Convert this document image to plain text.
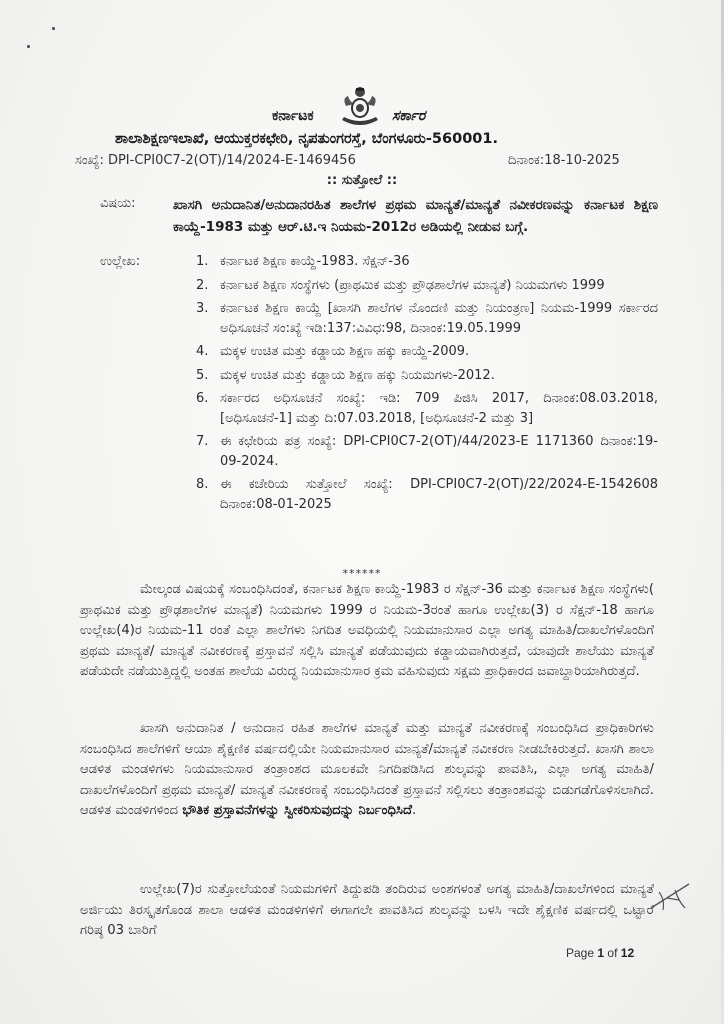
ಕರ್ನಾಟಕ	ಸರ್ಕಾರ
ಶಾಲಾಶಿಕ್ಷಣಇಲಾಖೆ, ಆಯುಕ್ತರಕಛೇರಿ, ನೃಪತುಂಗರಸ್ತೆ, ಬೆಂಗಳೂರು-560001.
ಸಂಖ್ಯೆ: DPI-CPI0C7-2(OT)/14/2024-E-1469456	ದಿನಾಂಕ:18-10-2025
:: ಸುತ್ತೋಲೆ ::
ವಿಷಯ:	ಖಾಸಗಿ ಅನುದಾನಿತ/ಅನುದಾನರಹಿತ ಶಾಲೆಗಳ ಪ್ರಥಮ ಮಾನ್ಯತೆ/ಮಾನ್ಯತೆ ನವೀಕರಣವನ್ನು ಕರ್ನಾಟಕ ಶಿಕ್ಷಣ ಕಾಯ್ದೆ-1983 ಮತ್ತು ಆರ್.ಟಿ.ಇ ನಿಯಮ-2012ರ ಅಡಿಯಲ್ಲಿ ನೀಡುವ ಬಗ್ಗೆ.
ಉಲ್ಲೇಖ:	1. ಕರ್ನಾಟಕ ಶಿಕ್ಷಣ ಕಾಯ್ದೆ-1983. ಸೆಕ್ಷನ್-36
2. ಕರ್ನಾಟಕ ಶಿಕ್ಷಣ ಸಂಸ್ಥೆಗಳು (ಪ್ರಾಥಮಿಕ ಮತ್ತು ಪ್ರೌಢಶಾಲೆಗಳ ಮಾನ್ಯತೆ) ನಿಯಮಗಳು 1999
3. ಕರ್ನಾಟಕ ಶಿಕ್ಷಣ ಕಾಯ್ದೆ [ಖಾಸಗಿ ಶಾಲೆಗಳ ನೊಂದಣಿ ಮತ್ತು ನಿಯಂತ್ರಣ] ನಿಯಮ-1999 ಸರ್ಕಾರದ ಅಧಿಸೂಚನೆ ಸಂ:ಖ್ಯೆ ಇಡಿ:137:ವಿವಿಧ:98, ದಿನಾಂಕ:19.05.1999
4. ಮಕ್ಕಳ ಉಚಿತ ಮತ್ತು ಕಡ್ಡಾಯ ಶಿಕ್ಷಣ ಹಕ್ಕು ಕಾಯ್ದೆ-2009.
5. ಮಕ್ಕಳ ಉಚಿತ ಮತ್ತು ಕಡ್ಡಾಯ ಶಿಕ್ಷಣ ಹಕ್ಕು ನಿಯಮಗಳು-2012.
6. ಸರ್ಕಾರದ ಅಧಿಸೂಚನೆ ಸಂಖ್ಯೆ: ಇಡಿ: 709 ಪಿಜಿಸಿ 2017, ದಿನಾಂಕ:08.03.2018, [ಅಧಿಸೂಚನೆ-1] ಮತ್ತು ದಿ:07.03.2018, [ಅಧಿಸೂಚನೆ-2 ಮತ್ತು 3]
7. ಈ ಕಛೇರಿಯ ಪತ್ರ ಸಂಖ್ಯೆ: DPI-CPI0C7-2(OT)/44/2023-E 1171360 ದಿನಾಂಕ:19-09-2024.
8. ಈ ಕಚೇರಿಯ ಸುತ್ತೋಲೆ ಸಂಖ್ಯೆ: DPI-CPI0C7-2(OT)/22/2024-E-1542608 ದಿನಾಂಕ:08-01-2025
******

ಮೇಲ್ಕಂಡ ವಿಷಯಕ್ಕೆ ಸಂಬಂಧಿಸಿದಂತೆ, ಕರ್ನಾಟಕ ಶಿಕ್ಷಣ ಕಾಯ್ದೆ-1983 ರ ಸೆಕ್ಷನ್-36 ಮತ್ತು ಕರ್ನಾಟಕ ಶಿಕ್ಷಣ ಸಂಸ್ಥೆಗಳು( ಪ್ರಾಥಮಿಕ ಮತ್ತು ಪ್ರೌಢಶಾಲೆಗಳ ಮಾನ್ಯತೆ) ನಿಯಮಗಳು 1999 ರ ನಿಯಮ-3ರಂತೆ ಹಾಗೂ ಉಲ್ಲೇಖ(3) ರ ಸೆಕ್ಷನ್-18 ಹಾಗೂ ಉಲ್ಲೇಖ(4)ರ ನಿಯಮ-11 ರಂತೆ ಎಲ್ಲಾ ಶಾಲೆಗಳು ನಿಗದಿತ ಅವಧಿಯಲ್ಲಿ ನಿಯಮಾನುಸಾರ ಎಲ್ಲಾ ಅಗತ್ಯ ಮಾಹಿತಿ/ದಾಖಲೆಗಳೊಂದಿಗೆ ಪ್ರಥಮ ಮಾನ್ಯತೆ/ ಮಾನ್ಯತೆ ನವೀಕರಣಕ್ಕೆ ಪ್ರಸ್ತಾವನೆ ಸಲ್ಲಿಸಿ ಮಾನ್ಯತೆ ಪಡೆಯುವುದು ಕಡ್ಡಾಯವಾಗಿರುತ್ತದೆ, ಯಾವುದೇ ಶಾಲೆಯು ಮಾನ್ಯತೆ ಪಡೆಯದೇ ನಡೆಯುತ್ತಿದ್ದಲ್ಲಿ ಅಂತಹ ಶಾಲೆಯ ವಿರುದ್ಧ ನಿಯಮಾನುಸಾರ ಕ್ರಮ ವಹಿಸುವುದು ಸಕ್ಷಮ ಪ್ರಾಧಿಕಾರದ ಜವಾಬ್ದಾರಿಯಾಗಿರುತ್ತದೆ.

ಖಾಸಗಿ ಅನುದಾನಿತ / ಅನುದಾನ ರಹಿತ ಶಾಲೆಗಳ ಮಾನ್ಯತೆ ಮತ್ತು ಮಾನ್ಯತೆ ನವೀಕರಣಕ್ಕೆ ಸಂಬಂಧಿಸಿದ ಪ್ರಾಧಿಕಾರಿಗಳು ಸಂಬಂಧಿಸಿದ ಶಾಲೆಗಳಿಗೆ ಆಯಾ ಶೈಕ್ಷಣಿಕ ವರ್ಷದಲ್ಲಿಯೇ ನಿಯಮಾನುಸಾರ ಮಾನ್ಯತೆ/ಮಾನ್ಯತೆ ನವೀಕರಣ ನೀಡಬೇಕಿರುತ್ತದೆ. ಖಾಸಗಿ ಶಾಲಾ ಆಡಳಿತ ಮಂಡಳಿಗಳು ನಿಯಮಾನುಸಾರ ತಂತ್ರಾಂಶದ ಮೂಲಕವೇ ನಿಗದಿಪಡಿಸಿದ ಶುಲ್ಕವನ್ನು ಪಾವತಿಸಿ, ಎಲ್ಲಾ ಅಗತ್ಯ ಮಾಹಿತಿ/ದಾಖಲೆಗಳೊಂದಿಗೆ ಪ್ರಥಮ ಮಾನ್ಯತೆ/ ಮಾನ್ಯತೆ ನವೀಕರಣಕ್ಕೆ ಸಂಬಂಧಿಸಿದಂತೆ ಪ್ರಸ್ತಾವನೆ ಸಲ್ಲಿಸಲು ತಂತ್ರಾಂಶವನ್ನು ಬಿಡುಗಡೆಗೊಳಿಸಲಾಗಿದೆ. ಆಡಳಿತ ಮಂಡಳಿಗಳಿಂದ ಭೌತಿಕ ಪ್ರಸ್ತಾವನೆಗಳನ್ನು ಸ್ವೀಕರಿಸುವುದನ್ನು ನಿರ್ಬಂಧಿಸಿದೆ.

ಉಲ್ಲೇಖ(7)ರ ಸುತ್ತೋಲೆಯಂತೆ ನಿಯಮಗಳಿಗೆ ತಿದ್ದುಪಡಿ ತಂದಿರುವ ಅಂಶಗಳಂತೆ ಅಗತ್ಯ ಮಾಹಿತಿ/ದಾಖಲೆಗಳಿಂದ ಮಾನ್ಯತೆ ಅರ್ಜಿಯು ತಿರಸ್ಕೃತಗೊಂಡ ಶಾಲಾ ಆಡಳಿತ ಮಂಡಳಿಗಳಿಗೆ ಈಗಾಗಲೇ ಪಾವತಿಸಿದ ಶುಲ್ಕವನ್ನು ಬಳಸಿ ಇದೇ ಶೈಕ್ಷಣಿಕ ವರ್ಷದಲ್ಲಿ ಒಟ್ಟಾರೆ ಗರಿಷ್ಠ 03 ಬಾರಿಗೆ

Page 1 of 12
